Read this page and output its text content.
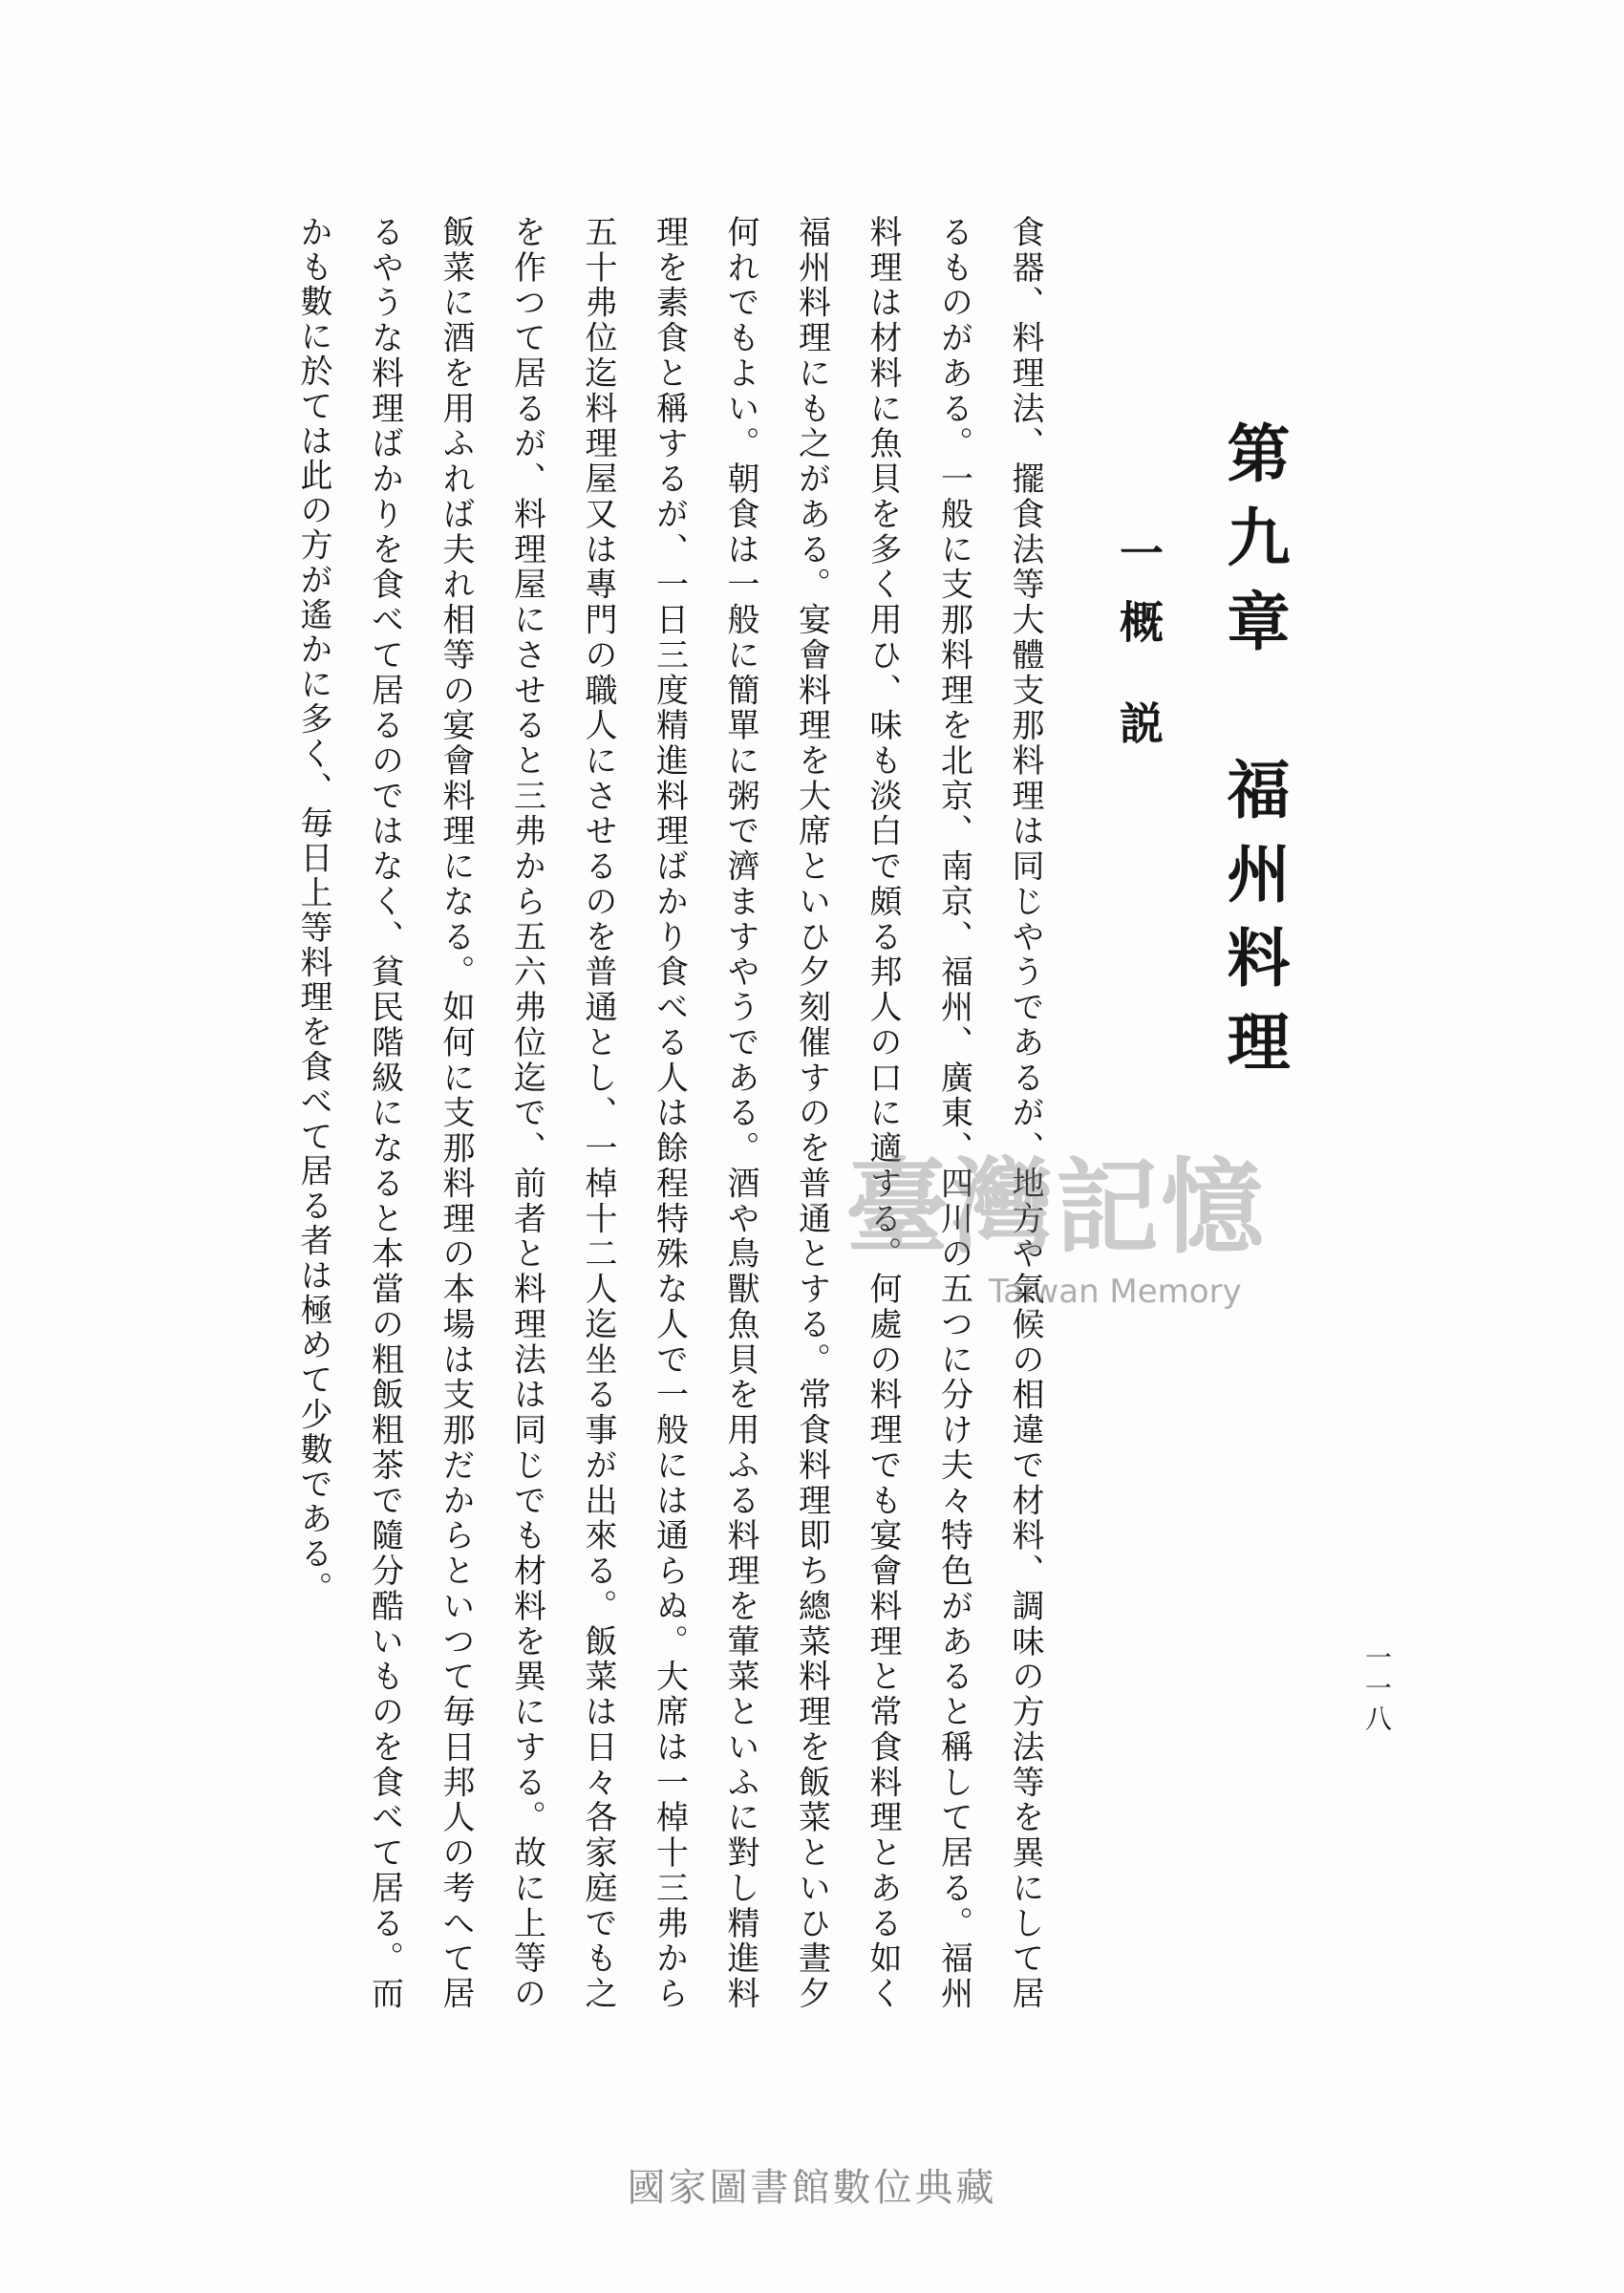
第九章　福州料理
一概説
一一八

食器、料理法、擺食法等大體支那料理は同じやうであるが、地方や氣候の相違で材料、調味の方法等を異にして居るものがある。一般に支那料理を北京、南京、福州、廣東、四川の五つに分け夫々特色があると稱して居る。福州料理は材料に魚貝を多く用ひ、味も淡白で頗る邦人の口に適する。何處の料理でも宴會料理と常食料理とある如く福州料理にも之がある。宴會料理を大席といひ夕刻催すのを普通とする。常食料理即ち總菜料理を飯菜といひ晝夕何れでもよい。朝食は一般に簡單に粥で濟ますやうである。酒や鳥獸魚貝を用ふる料理を葷菜といふに對し精進料理を素食と稱するが、一日三度精進料理ばかり食べる人は餘程特殊な人で一般には通らぬ。大席は一棹十三弗から五十弗位迄料理屋又は專門の職人にさせるのを普通とし、一棹十二人迄坐る事が出來る。飯菜は日々各家庭でも之を作つて居るが、料理屋にさせると三弗から五六弗位迄で、前者と料理法は同じでも材料を異にする。故に上等の飯菜に酒を用ふれば夫れ相等の宴會料理になる。如何に支那料理の本場は支那だからといつて毎日邦人の考へて居るやうな料理ばかりを食べて居るのではなく、貧民階級になると本當の粗飯粗茶で隨分酷いものを食べて居る。而かも數に於ては此の方が遙かに多く、毎日上等料理を食べて居る者は極めて少數である。	臺灣記憶
Taiwan Memory
國家圖書館數位典藏
